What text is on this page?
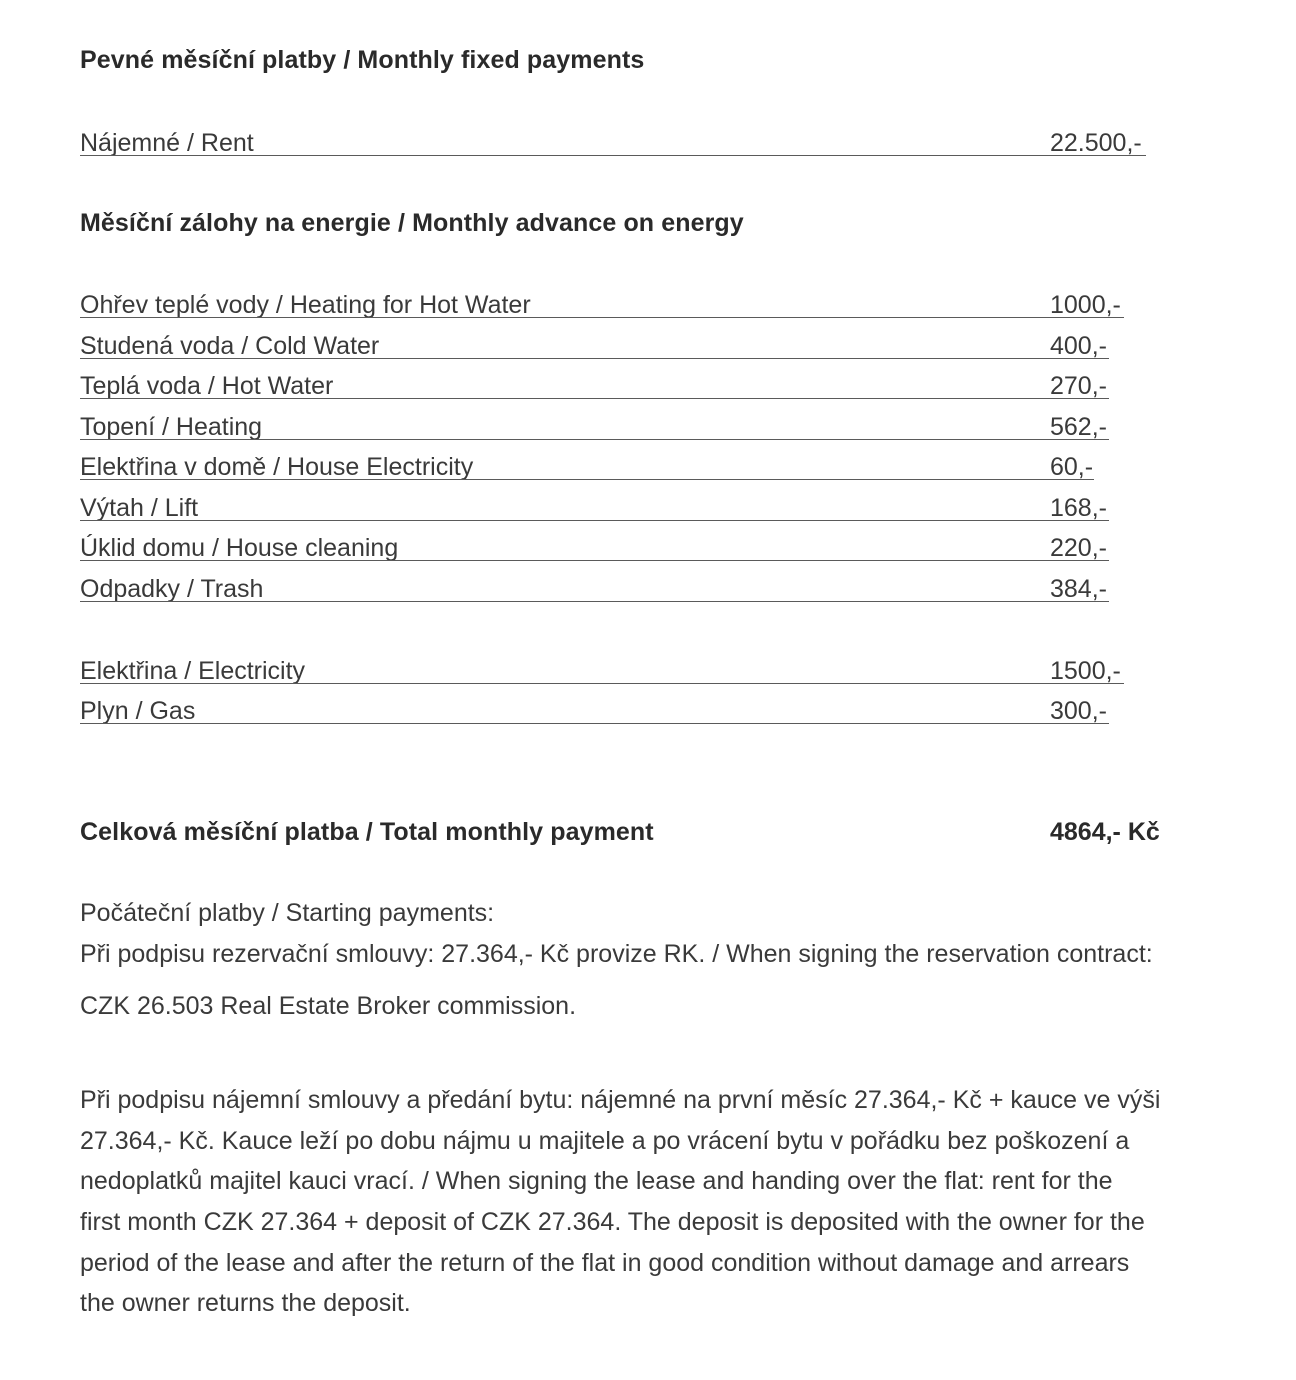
Pevné měsíční platby / Monthly fixed payments
Nájemné / Rent	22.500,-
Měsíční zálohy na energie / Monthly advance on energy
Ohřev teplé vody / Heating for Hot Water	1000,-
Studená voda / Cold Water	400,-
Teplá voda / Hot Water	270,-
Topení / Heating	562,-
Elektřina v domě / House Electricity	60,-
Výtah / Lift	168,-
Úklid domu / House cleaning	220,-
Odpadky / Trash	384,-
Elektřina / Electricity	1500,-
Plyn / Gas	300,-
Celková měsíční platba / Total monthly payment	4864,- Kč
Počáteční platby / Starting payments:
Při podpisu rezervační smlouvy: 27.364,- Kč provize RK. / When signing the reservation contract:
CZK 26.503 Real Estate Broker commission.
Při podpisu nájemní smlouvy a předání bytu: nájemné na první měsíc 27.364,- Kč + kauce ve výši
27.364,- Kč. Kauce leží po dobu nájmu u majitele a po vrácení bytu v pořádku bez poškození a
nedoplatků majitel kauci vrací. / When signing the lease and handing over the flat: rent for the
first month CZK 27.364 + deposit of CZK 27.364. The deposit is deposited with the owner for the
period of the lease and after the return of the flat in good condition without damage and arrears
the owner returns the deposit.
